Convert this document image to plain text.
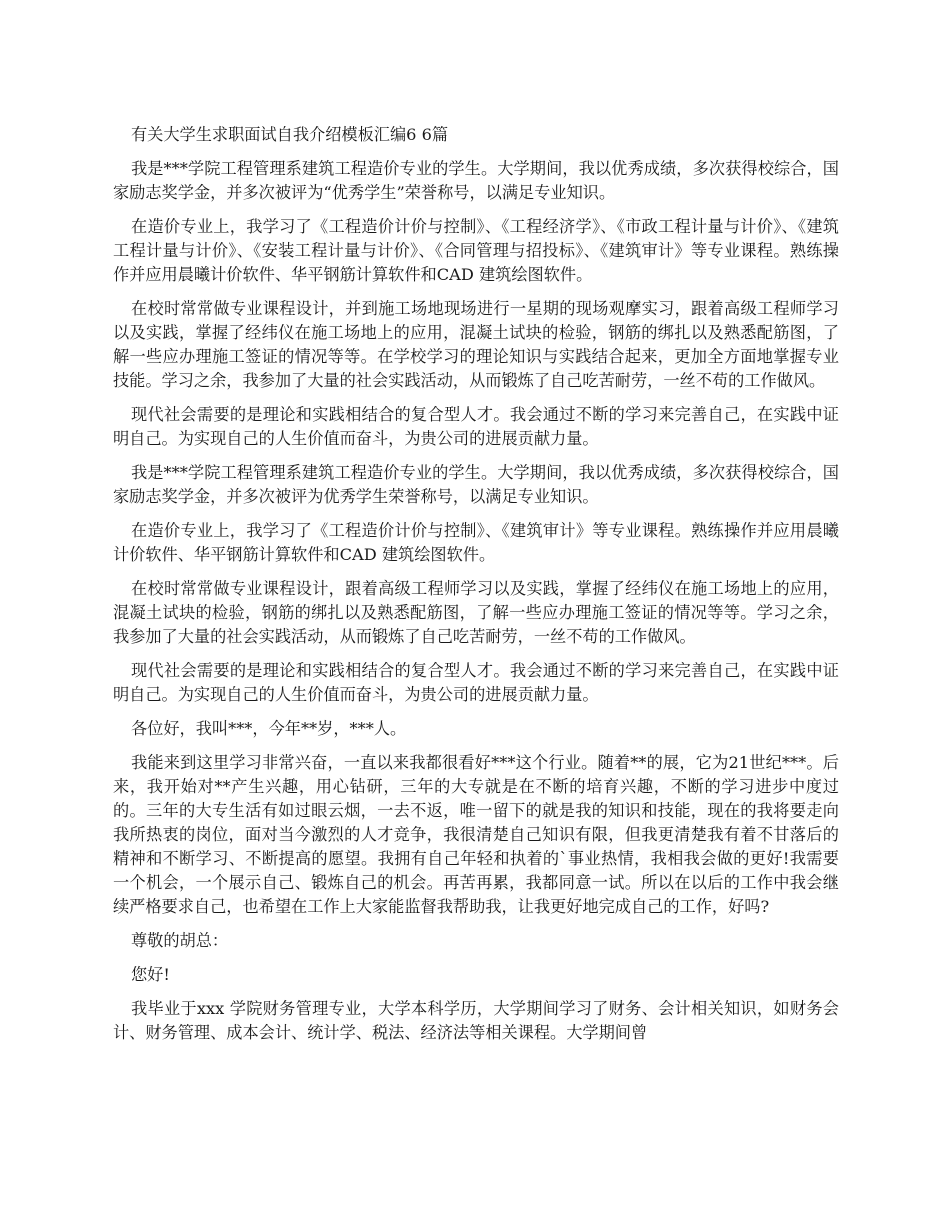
有关大学生求职面试自我介绍模板汇编6 6篇

我是***学院工程管理系建筑工程造价专业的学生。大学期间，我以优秀成绩，多次获得校综合，国家励志奖学金，并多次被评为“优秀学生”荣誉称号，以满足专业知识。

在造价专业上，我学习了《工程造价计价与控制》、《工程经济学》、《市政工程计量与计价》、《建筑工程计量与计价》、《安装工程计量与计价》、《合同管理与招投标》、《建筑审计》等专业课程。熟练操作并应用晨曦计价软件、华平钢筋计算软件和CAD 建筑绘图软件。

在校时常常做专业课程设计，并到施工场地现场进行一星期的现场观摩实习，跟着高级工程师学习以及实践，掌握了经纬仪在施工场地上的应用，混凝土试块的检验，钢筋的绑扎以及熟悉配筋图，了解一些应办理施工签证的情况等等。在学校学习的理论知识与实践结合起来，更加全方面地掌握专业技能。学习之余，我参加了大量的社会实践活动，从而锻炼了自己吃苦耐劳，一丝不苟的工作做风。

现代社会需要的是理论和实践相结合的复合型人才。我会通过不断的学习来完善自己，在实践中证明自己。为实现自己的人生价值而奋斗，为贵公司的进展贡献力量。

我是***学院工程管理系建筑工程造价专业的学生。大学期间，我以优秀成绩，多次获得校综合，国家励志奖学金，并多次被评为优秀学生荣誉称号，以满足专业知识。

在造价专业上，我学习了《工程造价计价与控制》、《建筑审计》等专业课程。熟练操作并应用晨曦计价软件、华平钢筋计算软件和CAD 建筑绘图软件。

在校时常常做专业课程设计，跟着高级工程师学习以及实践，掌握了经纬仪在施工场地上的应用，混凝土试块的检验，钢筋的绑扎以及熟悉配筋图，了解一些应办理施工签证的情况等等。学习之余，我参加了大量的社会实践活动，从而锻炼了自己吃苦耐劳，一丝不苟的工作做风。

现代社会需要的是理论和实践相结合的复合型人才。我会通过不断的学习来完善自己，在实践中证明自己。为实现自己的人生价值而奋斗，为贵公司的进展贡献力量。

各位好，我叫***，今年**岁，***人。

我能来到这里学习非常兴奋，一直以来我都很看好***这个行业。随着**的展，它为21世纪***。后来，我开始对**产生兴趣，用心钻研，三年的大专就是在不断的培育兴趣，不断的学习进步中度过的。三年的大专生活有如过眼云烟，一去不返，唯一留下的就是我的知识和技能，现在的我将要走向我所热衷的岗位，面对当今激烈的人才竞争，我很清楚自己知识有限，但我更清楚我有着不甘落后的精神和不断学习、不断提高的愿望。我拥有自己年轻和执着的`事业热情，我相我会做的更好!我需要一个机会，一个展示自己、锻炼自己的机会。再苦再累，我都同意一试。所以在以后的工作中我会继续严格要求自己，也希望在工作上大家能监督我帮助我，让我更好地完成自己的工作，好吗?

尊敬的胡总：

您好!

我毕业于xxx 学院财务管理专业，大学本科学历，大学期间学习了财务、会计相关知识，如财务会计、财务管理、成本会计、统计学、税法、经济法等相关课程。大学期间曾
